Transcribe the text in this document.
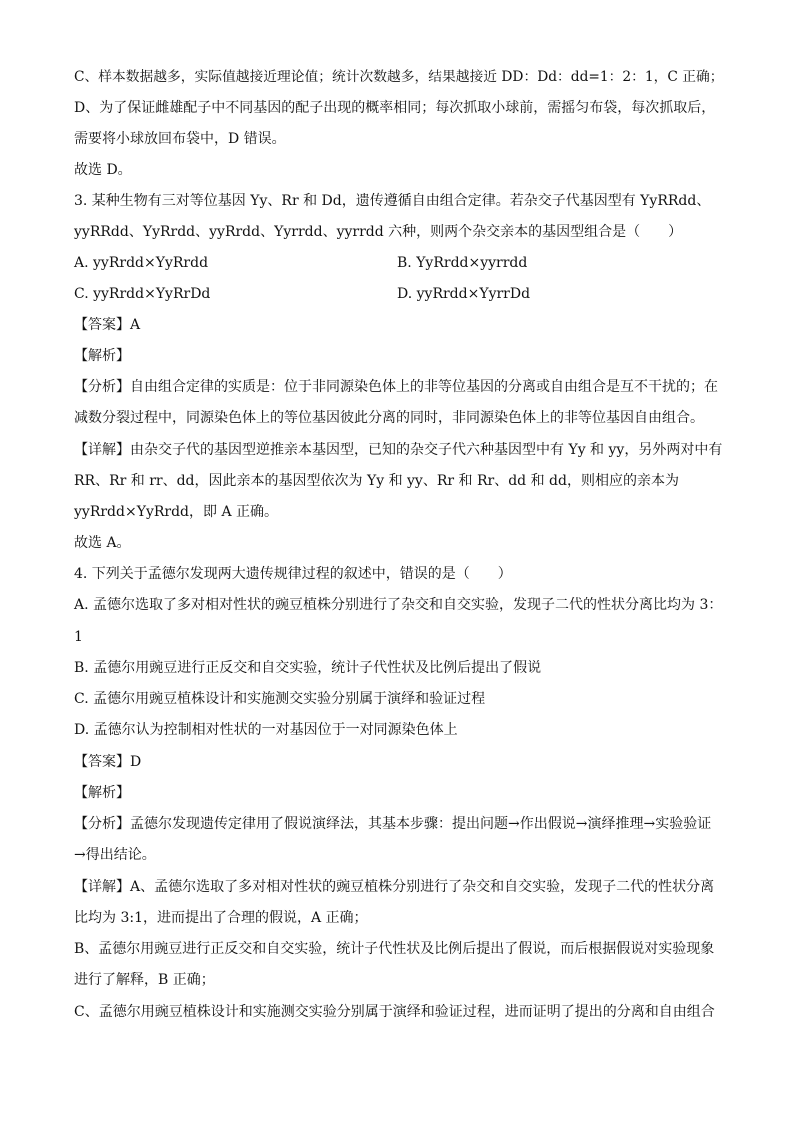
C、样本数据越多，实际值越接近理论值；统计次数越多，结果越接近 DD：Dd：dd=1：2：1，C 正确；
D、为了保证雌雄配子中不同基因的配子出现的概率相同；每次抓取小球前，需摇匀布袋，每次抓取后，
需要将小球放回布袋中，D 错误。
故选 D。
3. 某种生物有三对等位基因 Yy、Rr 和 Dd，遗传遵循自由组合定律。若杂交子代基因型有 YyRRdd、
yyRRdd、YyRrdd、yyRrdd、Yyrrdd、yyrrdd 六种，则两个杂交亲本的基因型组合是（　　）
A. yyRrdd×YyRrdd	B. YyRrdd×yyrrdd
C. yyRrdd×YyRrDd	D. yyRrdd×YyrrDd
【答案】A
【解析】
【分析】自由组合定律的实质是：位于非同源染色体上的非等位基因的分离或自由组合是互不干扰的；在
减数分裂过程中，同源染色体上的等位基因彼此分离的同时，非同源染色体上的非等位基因自由组合。
【详解】由杂交子代的基因型逆推亲本基因型，已知的杂交子代六种基因型中有 Yy 和 yy，另外两对中有
RR、Rr 和 rr、dd，因此亲本的基因型依次为 Yy 和 yy、Rr 和 Rr、dd 和 dd，则相应的亲本为
yyRrdd×YyRrdd，即 A 正确。
故选 A。
4. 下列关于孟德尔发现两大遗传规律过程的叙述中，错误的是（　　）
A. 孟德尔选取了多对相对性状的豌豆植株分别进行了杂交和自交实验，发现子二代的性状分离比均为 3：
1
B. 孟德尔用豌豆进行正反交和自交实验，统计子代性状及比例后提出了假说
C. 孟德尔用豌豆植株设计和实施测交实验分别属于演绎和验证过程
D. 孟德尔认为控制相对性状的一对基因位于一对同源染色体上
【答案】D
【解析】
【分析】孟德尔发现遗传定律用了假说演绎法，其基本步骤：提出问题→作出假说→演绎推理→实验验证
→得出结论。
【详解】A、孟德尔选取了多对相对性状的豌豆植株分别进行了杂交和自交实验，发现子二代的性状分离
比均为 3:1，进而提出了合理的假说，A 正确；
B、孟德尔用豌豆进行正反交和自交实验，统计子代性状及比例后提出了假说，而后根据假说对实验现象
进行了解释，B 正确；
C、孟德尔用豌豆植株设计和实施测交实验分别属于演绎和验证过程，进而证明了提出的分离和自由组合
